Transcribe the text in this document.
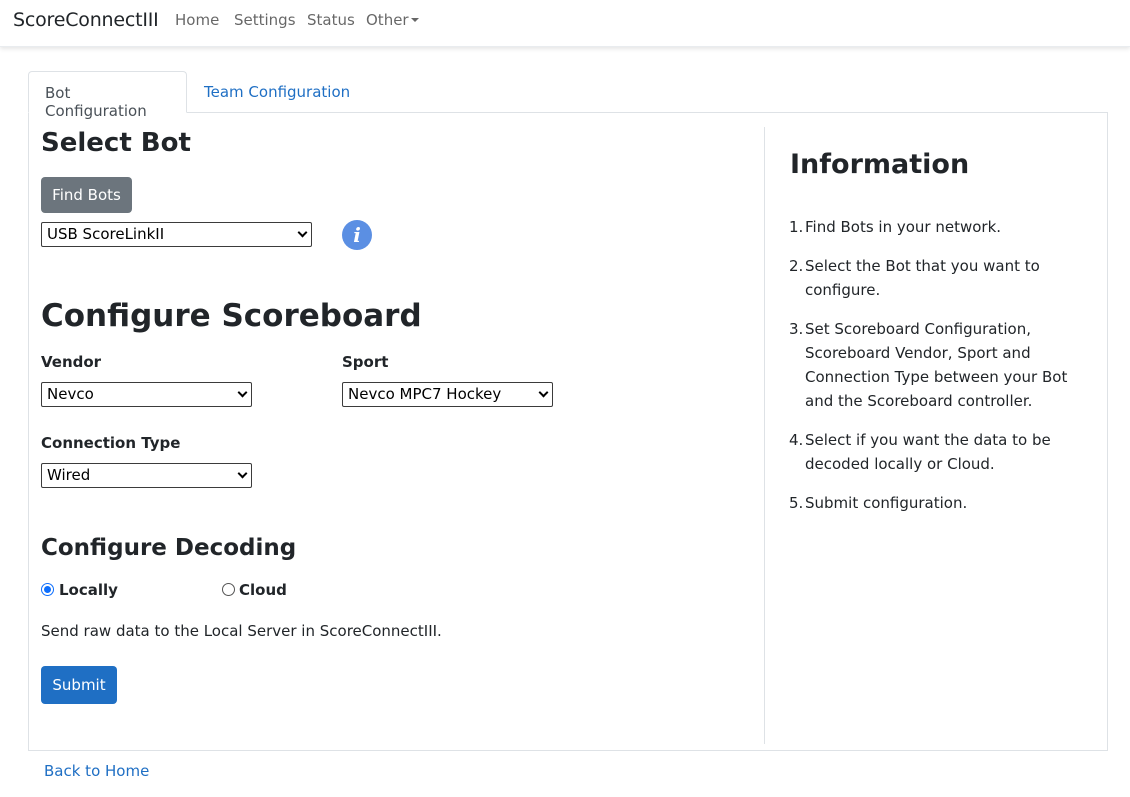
ScoreConnectIII Home Settings Status Other
Bot Configuration
Team Configuration
Select Bot
Find Bots
USB ScoreLinkII	i
Configure Scoreboard
Vendor
Nevco
Sport
Nevco MPC7 Hockey
Connection Type
Wired
Configure Decoding
Locally	Cloud
Send raw data to the Local Server in ScoreConnectIII.
Submit
Information
1. Find Bots in your network.
2. Select the Bot that you want to
configure.
3. Set Scoreboard Configuration,
Scoreboard Vendor, Sport and
Connection Type between your Bot
and the Scoreboard controller.
4. Select if you want the data to be
decoded locally or Cloud.
5. Submit configuration.
Back to Home
